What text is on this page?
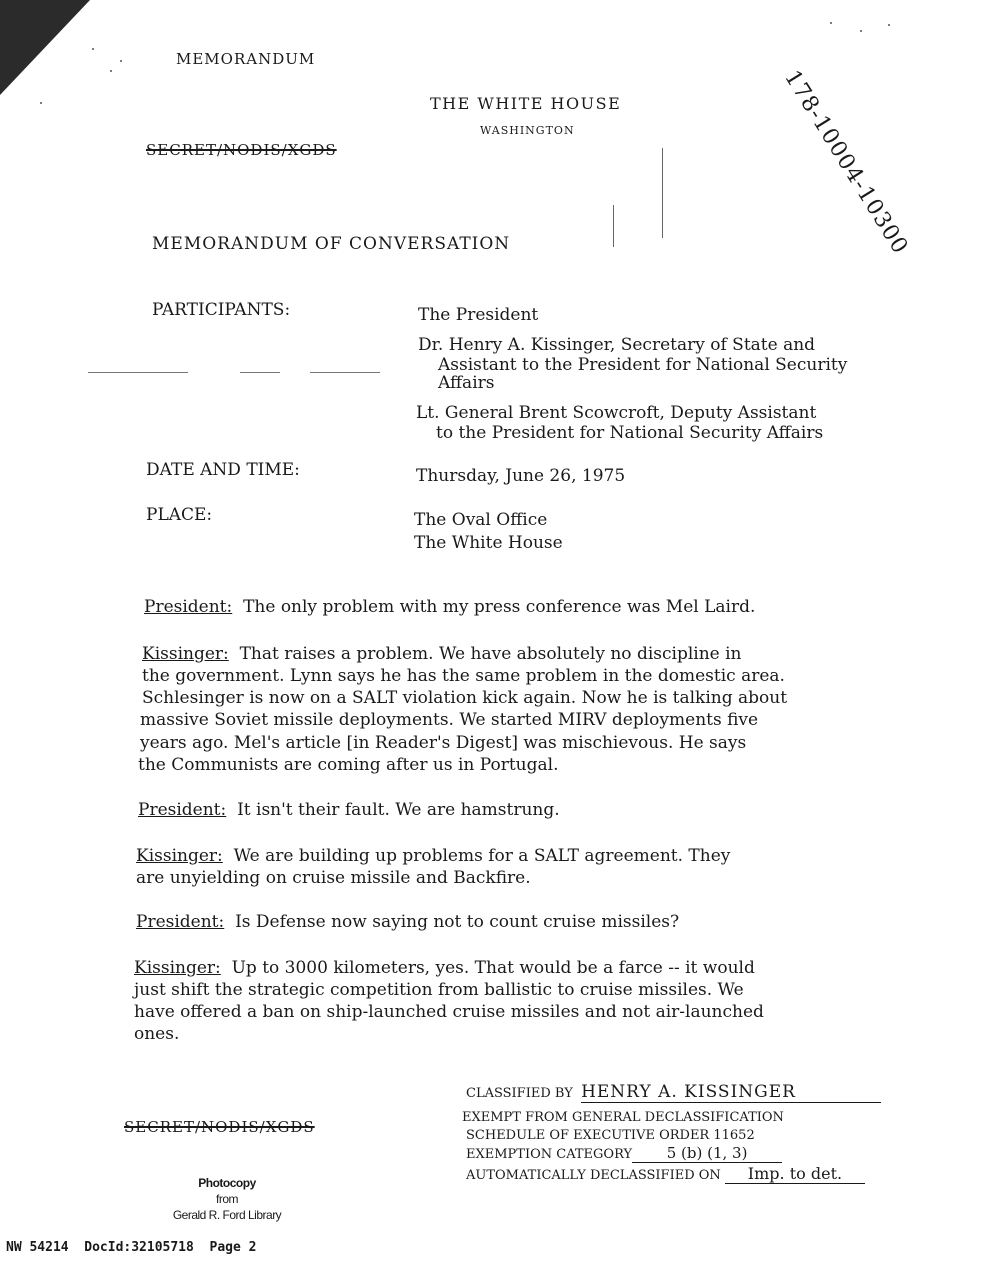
MEMORANDUM
THE WHITE HOUSE
WASHINGTON
SECRET/NODIS/XGDS	178-10004-10300
MEMORANDUM OF CONVERSATION
PARTICIPANTS:	The President
Dr. Henry A. Kissinger, Secretary of State and
Assistant to the President for National Security
Affairs
Lt. General Brent Scowcroft, Deputy Assistant
to the President for National Security Affairs
DATE AND TIME:	Thursday, June 26, 1975
PLACE:	The Oval Office
The White House
President: The only problem with my press conference was Mel Laird.
Kissinger: That raises a problem. We have absolutely no discipline in
the government. Lynn says he has the same problem in the domestic area.
Schlesinger is now on a SALT violation kick again. Now he is talking about
massive Soviet missile deployments. We started MIRV deployments five
years ago. Mel's article [in Reader's Digest] was mischievous. He says
the Communists are coming after us in Portugal.
President: It isn't their fault. We are hamstrung.
Kissinger: We are building up problems for a SALT agreement. They
are unyielding on cruise missile and Backfire.
President: Is Defense now saying not to count cruise missiles?
Kissinger: Up to 3000 kilometers, yes. That would be a farce -- it would
just shift the strategic competition from ballistic to cruise missiles. We
have offered a ban on ship-launched cruise missiles and not air-launched
ones.
SECRET/NODIS/XGDS
CLASSIFIED BY HENRY A. KISSINGER
EXEMPT FROM GENERAL DECLASSIFICATION
SCHEDULE OF EXECUTIVE ORDER 11652
EXEMPTION CATEGORY 5 (b) (1, 3)
AUTOMATICALLY DECLASSIFIED ON Imp. to det.
Photocopy
from
Gerald R. Ford Library
NW 54214  DocId:32105718  Page 2
